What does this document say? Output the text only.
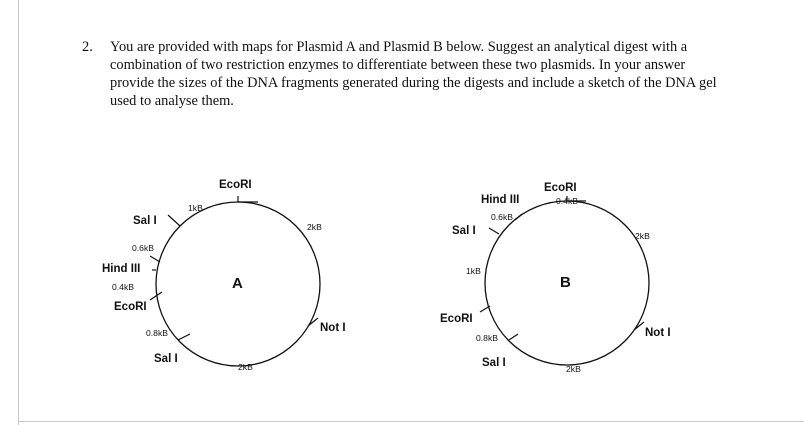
2. You are provided with maps for Plasmid A and Plasmid B below. Suggest an analytical digest with a combination of two restriction enzymes to differentiate between these two plasmids. In your answer provide the sizes of the DNA fragments generated during the digests and include a sketch of the DNA gel used to analyse them.
EcoRI
Sal I
Hind III
EcoRI
Sal I
Not I
1kB
2kB
0.6kB
0.4kB
0.8kB
2kB
A
EcoRI
Hind III
Sal I
EcoRI
Sal I
Not I
0.4kB
0.6kB
2kB
1kB
0.8kB
2kB
B
